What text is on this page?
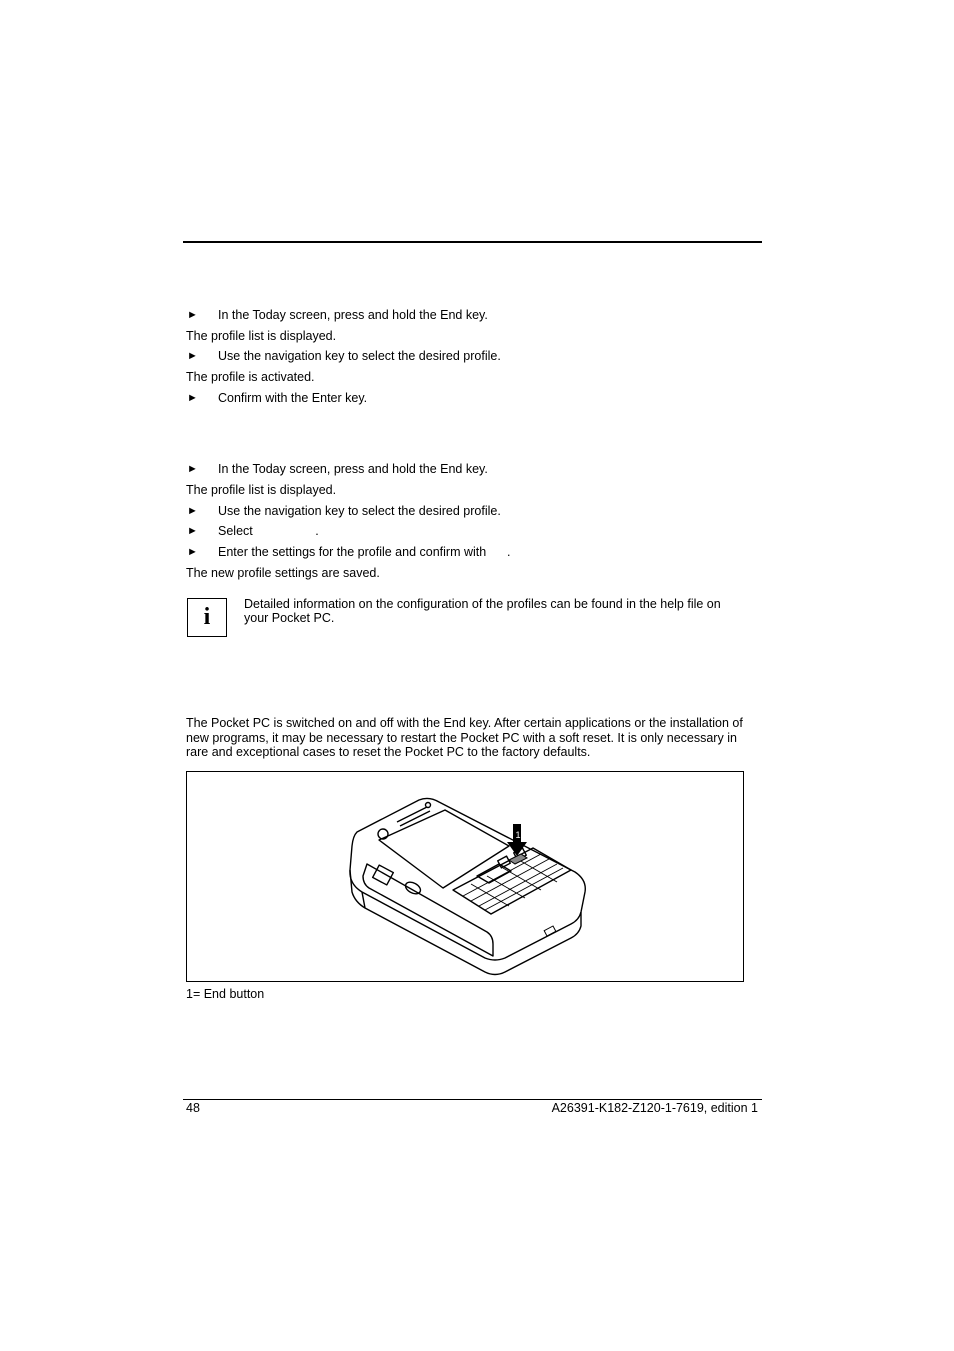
► In the Today screen, press and hold the End key.
The profile list is displayed.
► Use the navigation key to select the desired profile.
The profile is activated.
► Confirm with the Enter key.
► In the Today screen, press and hold the End key.
The profile list is displayed.
► Use the navigation key to select the desired profile.
► Select                  .
► Enter the settings for the profile and confirm with      .
The new profile settings are saved.
i	Detailed information on the configuration of the profiles can be found in the help file on your Pocket PC.
The Pocket PC is switched on and off with the End key. After certain applications or the installation of new programs, it may be necessary to restart the Pocket PC with a soft reset. It is only necessary in rare and exceptional cases to reset the Pocket PC to the factory defaults.
1
1= End button
48	A26391-K182-Z120-1-7619, edition 1
